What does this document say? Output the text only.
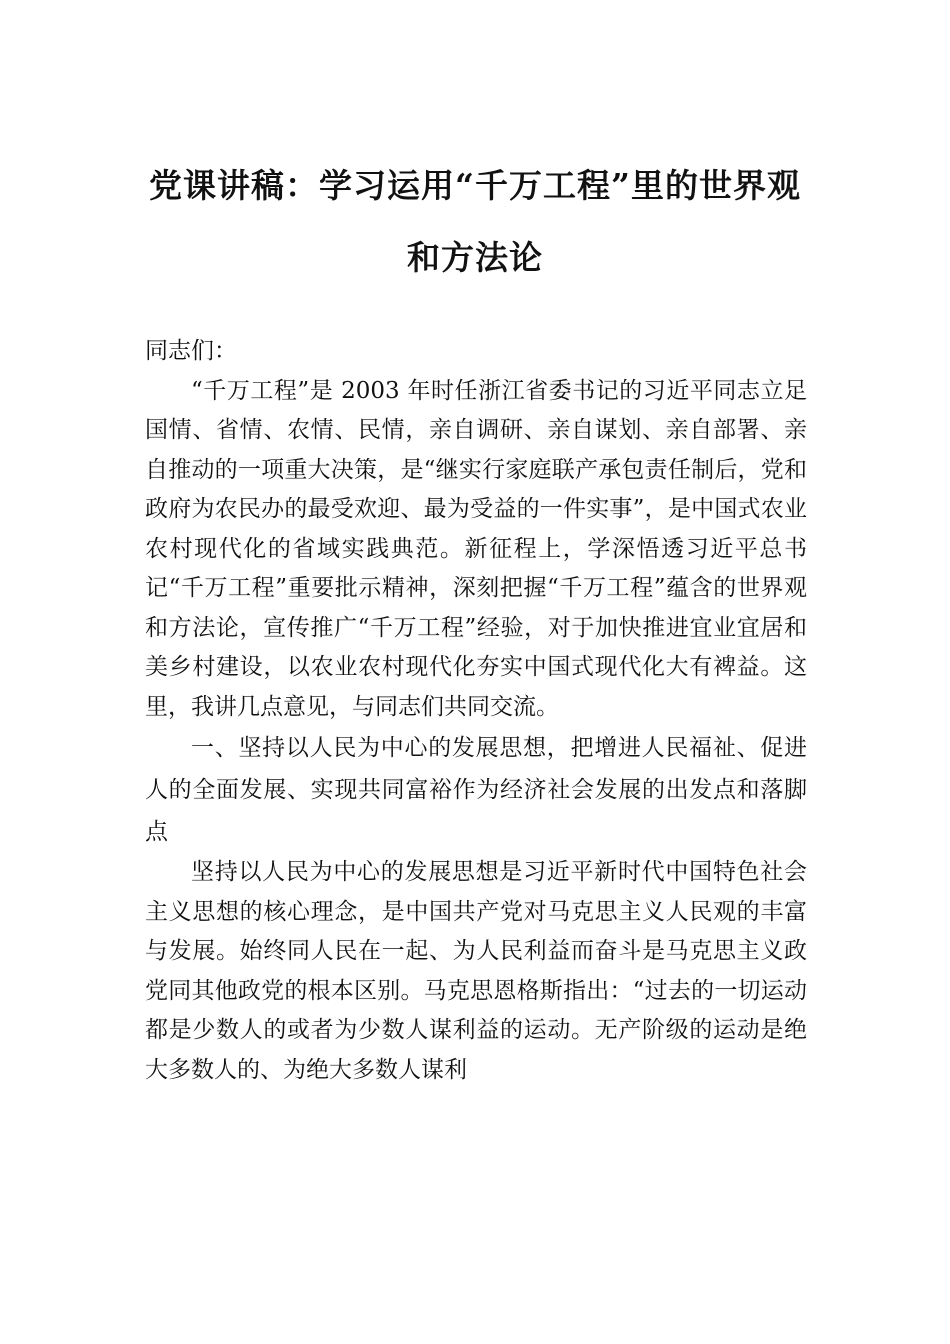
党课讲稿：学习运用“千万工程”里的世界观和方法论

同志们：

“千万工程”是 2003 年时任浙江省委书记的习近平同志立足国情、省情、农情、民情，亲自调研、亲自谋划、亲自部署、亲自推动的一项重大决策，是“继实行家庭联产承包责任制后，党和政府为农民办的最受欢迎、最为受益的一件实事”，是中国式农业农村现代化的省域实践典范。新征程上，学深悟透习近平总书记“千万工程”重要批示精神，深刻把握“千万工程”蕴含的世界观和方法论，宣传推广“千万工程”经验，对于加快推进宜业宜居和美乡村建设，以农业农村现代化夯实中国式现代化大有裨益。这里，我讲几点意见，与同志们共同交流。

一、坚持以人民为中心的发展思想，把增进人民福祉、促进人的全面发展、实现共同富裕作为经济社会发展的出发点和落脚点

坚持以人民为中心的发展思想是习近平新时代中国特色社会主义思想的核心理念，是中国共产党对马克思主义人民观的丰富与发展。始终同人民在一起、为人民利益而奋斗是马克思主义政党同其他政党的根本区别。马克思恩格斯指出：“过去的一切运动都是少数人的或者为少数人谋利益的运动。无产阶级的运动是绝大多数人的、为绝大多数人谋利
